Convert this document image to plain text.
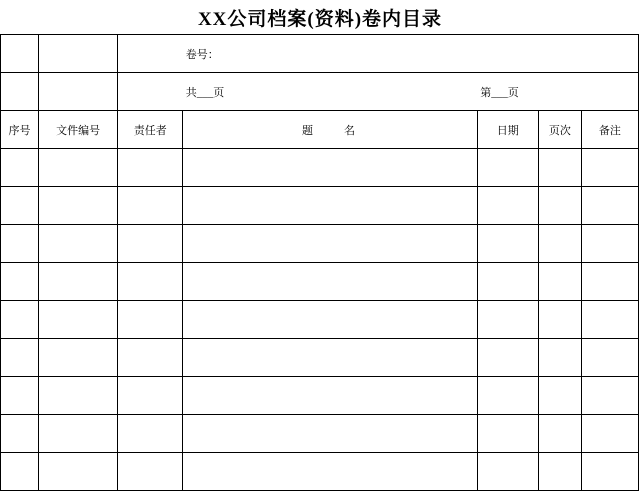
XX公司档案(资料)卷内目录
			卷号：			
			共___页	第___页		
序号	文件编号	责任者	题　名	日期	页次	备注
